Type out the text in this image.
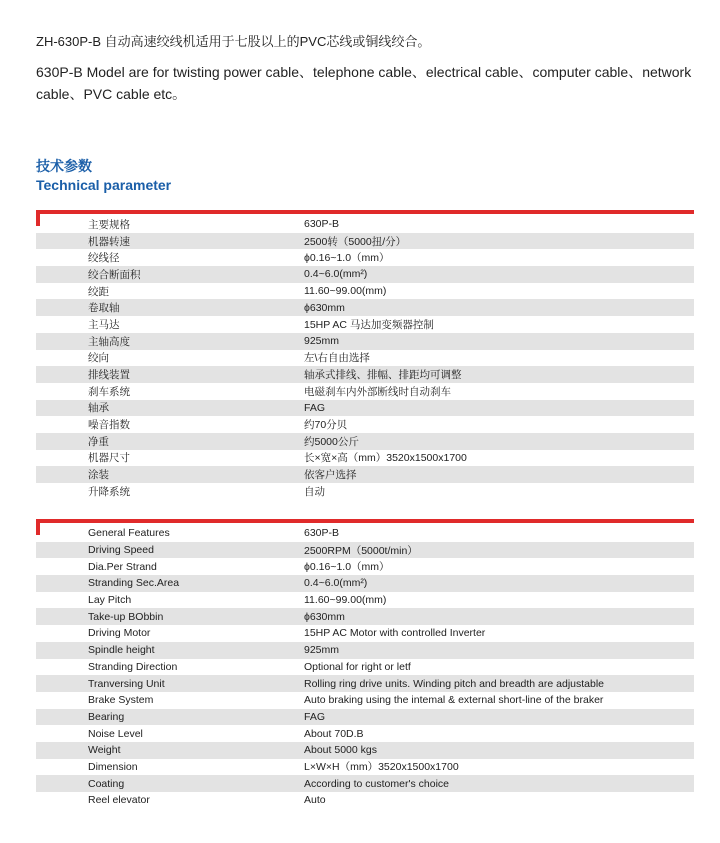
ZH-630P-B 自动高速绞线机适用于七股以上的PVC芯线或铜线绞合。
630P-B Model are for twisting power cable、telephone cable、electrical cable、computer cable、network cable、PVC cable etc。
技术参数
Technical parameter
主要规格	630P-B
机器转速	2500转（5000扭/分）
绞线径	ϕ0.16~1.0（mm）
绞合断面积	0.4~6.0(mm²)
绞距	11.60~99.00(mm)
卷取轴	ϕ630mm
主马达	15HP AC 马达加变频器控制
主轴高度	925mm
绞向	左\右自由选择
排线装置	轴承式排线、排幅、排距均可调整
刹车系统	电磁刹车内外部断线时自动刹车
轴承	FAG
噪音指数	约70分贝
净重	约5000公斤
机器尺寸	长×宽×高（mm）3520x1500x1700
涂装	依客户选择
升降系统	自动
General Features	630P-B
Driving Speed	2500RPM（5000t/min）
Dia.Per Strand	ϕ0.16~1.0（mm）
Stranding Sec.Area	0.4~6.0(mm²)
Lay Pitch	11.60~99.00(mm)
Take-up BObbin	ϕ630mm
Driving Motor	15HP AC Motor with controlled Inverter
Spindle height	925mm
Stranding Direction	Optional for right or letf
Tranversing Unit	Rolling ring drive units. Winding pitch and breadth are adjustable
Brake System	Auto braking using the intemal & external short-line of the braker
Bearing	FAG
Noise Level	About 70D.B
Weight	About 5000 kgs
Dimension	L×W×H（mm）3520x1500x1700
Coating	According to customer's choice
Reel elevator	Auto
